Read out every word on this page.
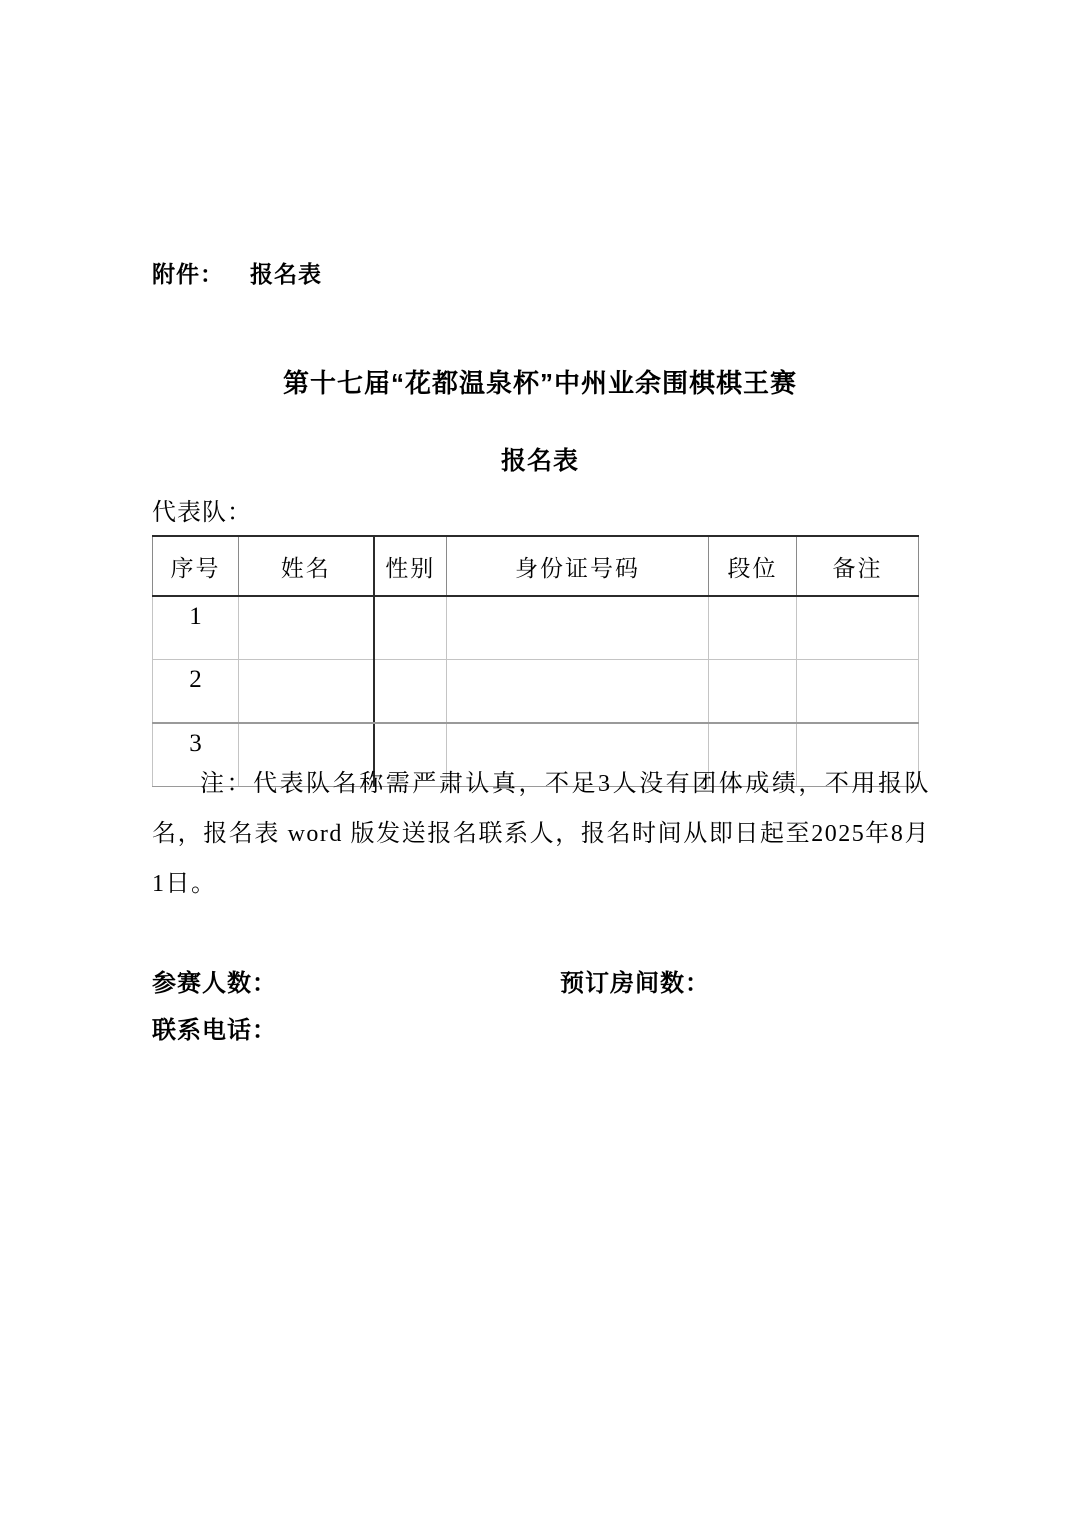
附件： 报名表
第十七届“花都温泉杯”中州业余围棋棋王赛
报名表
代表队：
序号	姓名	性别	身份证号码	段位	备注
1					
2					
3					

注：代表队名称需严肃认真，不足3人没有团体成绩，不用报队名，报名表 word 版发送报名联系人，报名时间从即日起至2025年8月1日。

参赛人数：	预订房间数：
联系电话：
